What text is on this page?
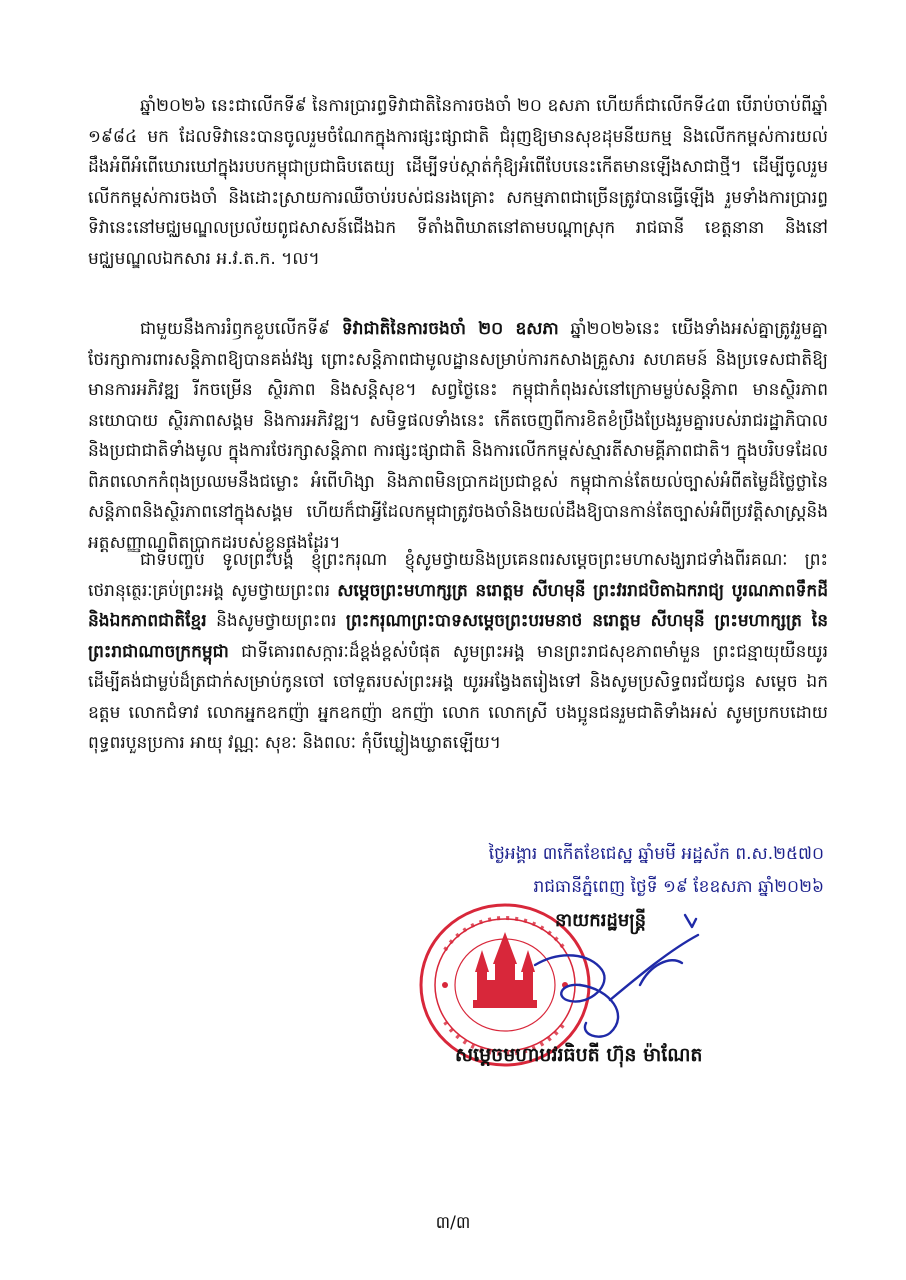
ឆ្នាំ២០២៦ នេះជាលើកទី៩ នៃការប្រារព្ធទិវាជាតិនៃការចងចាំ ២០ ឧសភា ហើយក៏ជាលើកទី៤៣ បើរាប់ចាប់ពីឆ្នាំ ១៩៨៤ មក ដែលទិវានេះបានចូលរួមចំណែកក្នុងការផ្សះផ្សាជាតិ ជំរុញឱ្យមានសុខដុមនីយកម្ម និងលើកកម្ពស់ការយល់ដឹងអំពីអំពើឃោរឃៅក្នុងរបបកម្ពុជាប្រជាធិបតេយ្យ ដើម្បីទប់ស្កាត់កុំឱ្យអំពើបែបនេះកើតមានឡើងសាជាថ្មី។ ដើម្បីចូលរួមលើកកម្ពស់ការចងចាំ និងដោះស្រាយការឈឺចាប់របស់ជនរងគ្រោះ សកម្មភាពជាច្រើនត្រូវបានធ្វើឡើង រួមទាំងការប្រារព្ធទិវានេះនៅមជ្ឈមណ្ឌលប្រល័យពូជសាសន៍ជើងឯក ទីតាំងពិឃាតនៅតាមបណ្ដាស្រុក រាជធានី ខេត្តនានា និងនៅមជ្ឈមណ្ឌលឯកសារ អ.វ.ត.ក. ។ល។

ជាមួយនឹងការរំឭកខួបលើកទី៩ ទិវាជាតិនៃការចងចាំ ២០ ឧសភា ឆ្នាំ២០២៦នេះ យើងទាំងអស់គ្នាត្រូវរួមគ្នាថែរក្សាការពារសន្តិភាពឱ្យបានគង់វង្ស ព្រោះសន្តិភាពជាមូលដ្ឋានសម្រាប់ការកសាងគ្រួសារ សហគមន៍ និងប្រទេសជាតិឱ្យមានការអភិវឌ្ឍ រីកចម្រើន ស្ថិរភាព និងសន្តិសុខ។ សព្វថ្ងៃនេះ កម្ពុជាកំពុងរស់នៅក្រោមម្លប់សន្តិភាព មានស្ថិរភាពនយោបាយ ស្ថិរភាពសង្គម និងការអភិវឌ្ឍ។ សមិទ្ធផលទាំងនេះ កើតចេញពីការខិតខំប្រឹងប្រែងរួមគ្នារបស់រាជរដ្ឋាភិបាលនិងប្រជាជាតិទាំងមូល ក្នុងការថែរក្សាសន្តិភាព ការផ្សះផ្សាជាតិ និងការលើកកម្ពស់ស្មារតីសាមគ្គីភាពជាតិ។ ក្នុងបរិបទដែលពិភពលោកកំពុងប្រឈមនឹងជម្លោះ អំពើហិង្សា និងភាពមិនប្រាកដប្រជាខ្ពស់ កម្ពុជាកាន់តែយល់ច្បាស់អំពីតម្លៃដ៏ថ្លៃថ្លានៃសន្តិភាពនិងស្ថិរភាពនៅក្នុងសង្គម ហើយក៏ជាអ្វីដែលកម្ពុជាត្រូវចងចាំនិងយល់ដឹងឱ្យបានកាន់តែច្បាស់អំពីប្រវត្តិសាស្ត្រនិងអត្តសញ្ញាណពិតប្រាកដរបស់ខ្លួនផងដែរ។

ជាទីបញ្ចប់ ទូលព្រះបង្គំ ខ្ញុំព្រះករុណា ខ្ញុំសូមថ្វាយនិងប្រគេនពរសម្តេចព្រះមហាសង្ឃរាជទាំងពីរគណៈ ព្រះថេរានុត្ថេរៈគ្រប់ព្រះអង្គ សូមថ្វាយព្រះពរ សម្តេចព្រះមហាក្សត្រ នរោត្តម សីហមុនី ព្រះវររាជបិតាឯករាជ្យ បូរណភាពទឹកដី និងឯកភាពជាតិខ្មែរ និងសូមថ្វាយព្រះពរ ព្រះករុណាព្រះបាទសម្តេចព្រះបរមនាថ នរោត្តម សីហមុនី ព្រះមហាក្សត្រ នៃព្រះរាជាណាចក្រកម្ពុជា ជាទីគោរពសក្ការៈដ៏ខ្ពង់ខ្ពស់បំផុត សូមព្រះអង្គ មានព្រះរាជសុខភាពមាំមួន ព្រះជន្មាយុយឺនយូរ ដើម្បីគង់ជាម្លប់ដ៏ត្រជាក់សម្រាប់កូនចៅ ចៅទួតរបស់ព្រះអង្គ យូរអង្វែងតរៀងទៅ និងសូមប្រសិទ្ធពរជ័យជូន សម្តេច ឯកឧត្តម លោកជំទាវ លោកអ្នកឧកញ៉ា អ្នកឧកញ៉ា ឧកញ៉ា លោក លោកស្រី បងប្អូនជនរួមជាតិទាំងអស់ សូមប្រកបដោយពុទ្ធពរបួនប្រការ អាយុ វណ្ណៈ សុខៈ និងពលៈ កុំបីឃ្លៀងឃ្លាតឡើយ។

ថ្ងៃអង្គារ ៣កើតខែជេស្ឋ ឆ្នាំមមី អដ្ឋស័ក ព.ស.២៥៧០
រាជធានីភ្នំពេញ ថ្ងៃទី ១៩ ខែឧសភា ឆ្នាំ២០២៦
នាយករដ្ឋមន្ត្រី
សម្តេចមហាបវរធិបតី ហ៊ុន ម៉ាណែត
៣/៣
